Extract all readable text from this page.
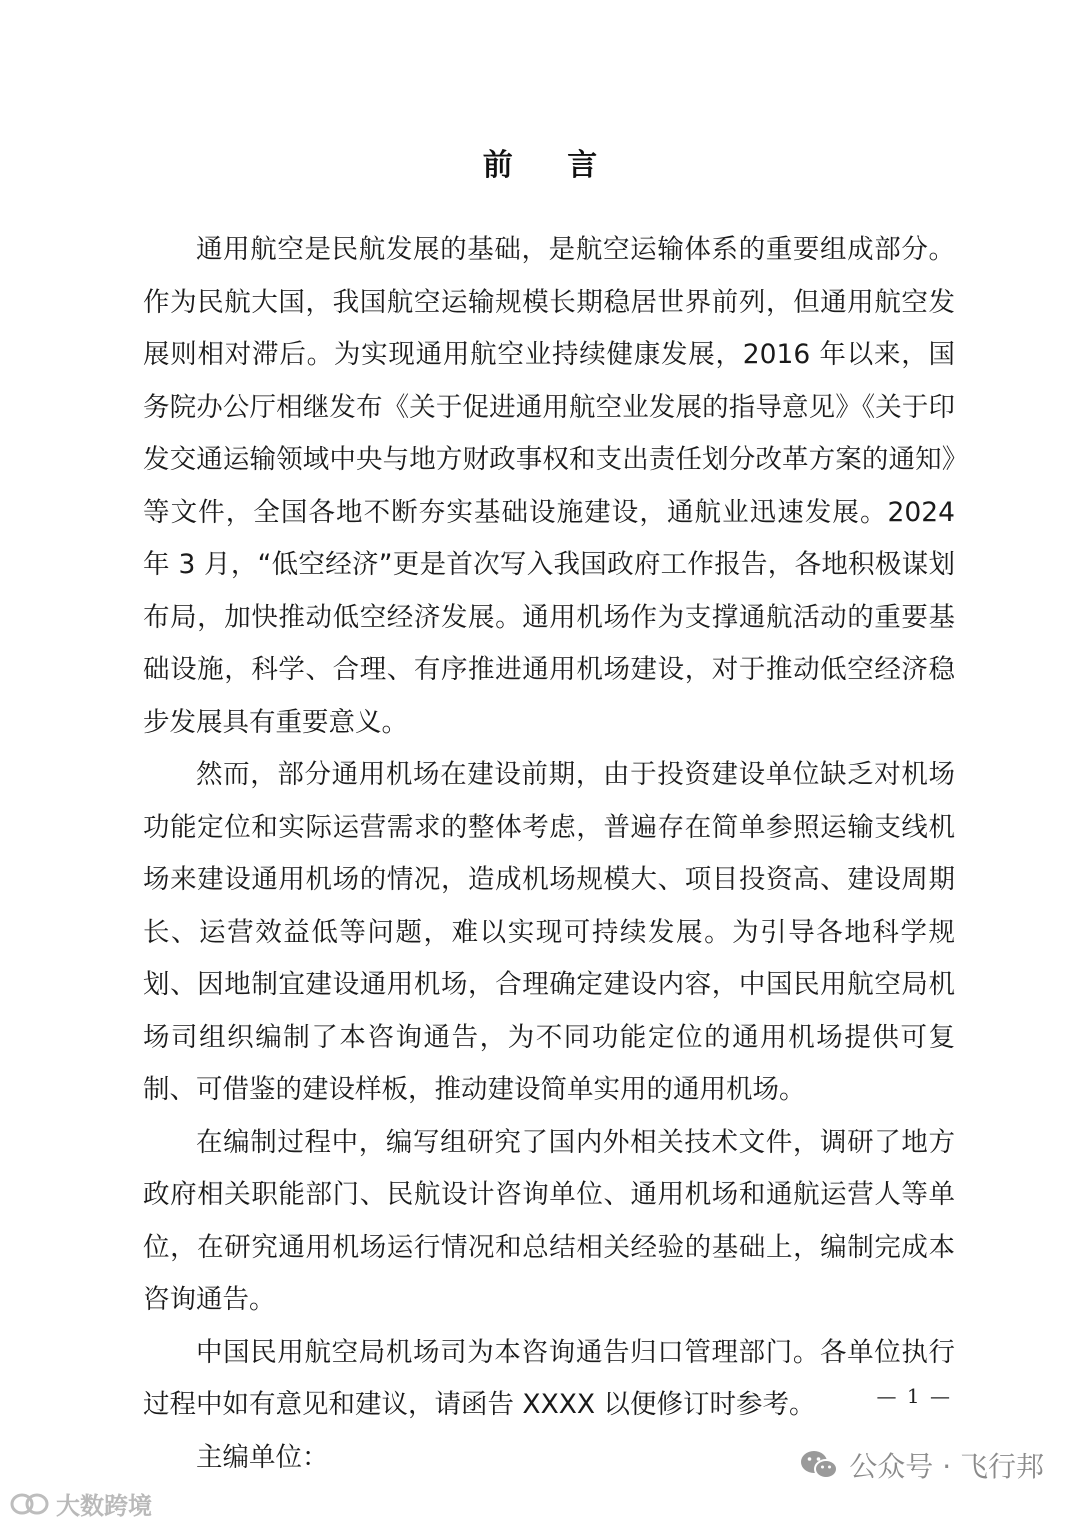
前 言

通用航空是民航发展的基础，是航空运输体系的重要组成部分。作为民航大国，我国航空运输规模长期稳居世界前列，但通用航空发展则相对滞后。为实现通用航空业持续健康发展，2016 年以来，国务院办公厅相继发布《关于促进通用航空业发展的指导意见》《关于印发交通运输领域中央与地方财政事权和支出责任划分改革方案的通知》等文件，全国各地不断夯实基础设施建设，通航业迅速发展。2024 年 3 月，“低空经济”更是首次写入我国政府工作报告，各地积极谋划布局，加快推动低空经济发展。通用机场作为支撑通航活动的重要基础设施，科学、合理、有序推进通用机场建设，对于推动低空经济稳步发展具有重要意义。

然而，部分通用机场在建设前期，由于投资建设单位缺乏对机场功能定位和实际运营需求的整体考虑，普遍存在简单参照运输支线机场来建设通用机场的情况，造成机场规模大、项目投资高、建设周期长、运营效益低等问题，难以实现可持续发展。为引导各地科学规划、因地制宜建设通用机场，合理确定建设内容，中国民用航空局机场司组织编制了本咨询通告，为不同功能定位的通用机场提供可复制、可借鉴的建设样板，推动建设简单实用的通用机场。

在编制过程中，编写组研究了国内外相关技术文件，调研了地方政府相关职能部门、民航设计咨询单位、通用机场和通航运营人等单位，在研究通用机场运行情况和总结相关经验的基础上，编制完成本咨询通告。

中国民用航空局机场司为本咨询通告归口管理部门。各单位执行过程中如有意见和建议，请函告 XXXX 以便修订时参考。

主编单位：

— 1 —
大数跨境
公众号 · 飞行邦
